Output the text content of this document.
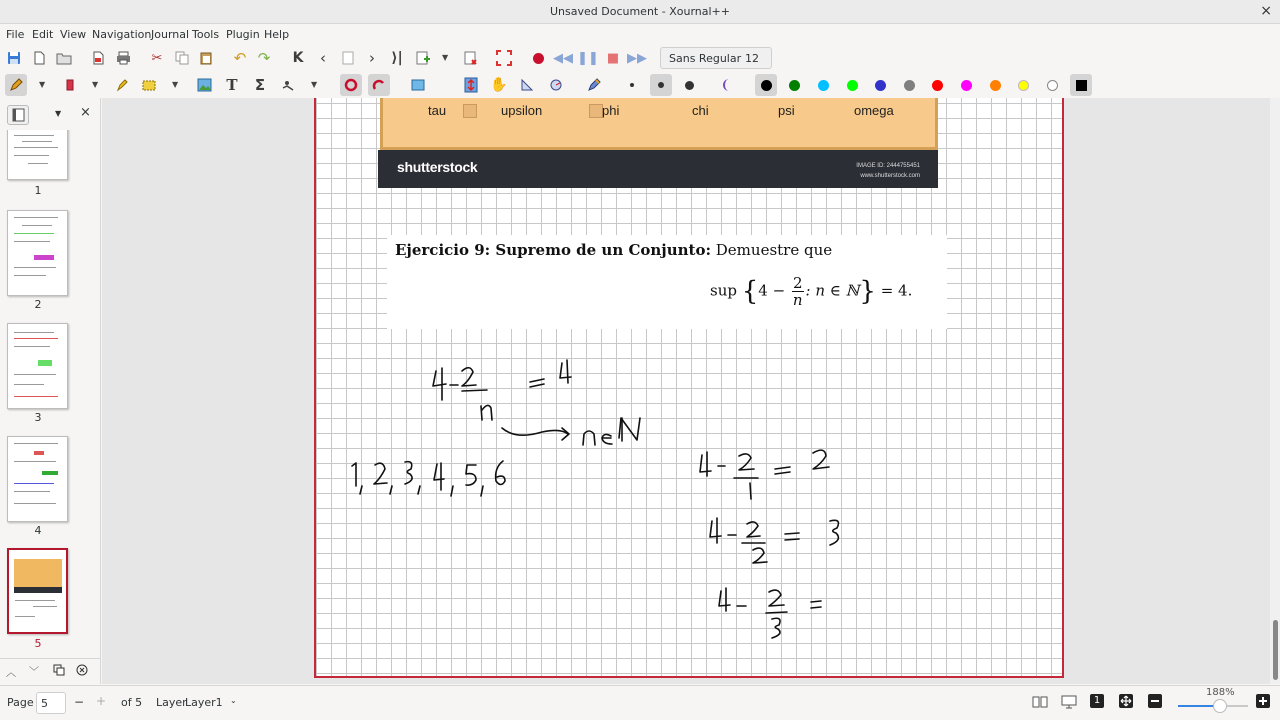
Unsaved Document - Xournal++	×
File Edit View Navigation Journal Tools Plugin Help
✂	↶ ↷ K	‹	›	⟩|	▼	◀◀ ❚❚ ■ ▶▶	Sans Regular 12
▼	▼	▼	T Σ	▼	✋
▼ ×
1
2
3
4
5
︿ ﹀
tau	upsilon	phi	chi	psi	omega
shutterstock	IMAGE ID: 2444755451
www.shutterstock.com
Ejercicio 9: Supremo de un Conjunto: Demuestre que
sup {$4 - \frac{2}{n}$ : n ∈ ℕ} = 4.
Page 5 − + of 5 Layer
Layer1 ⌄	1
188%
